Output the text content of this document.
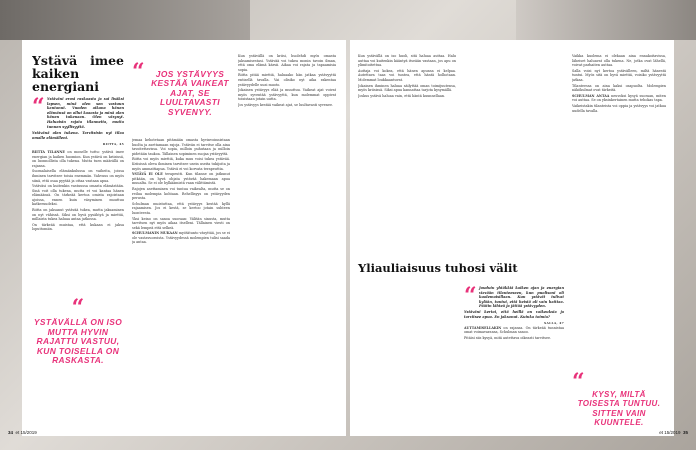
Ystävä imee kaiken energiani
“ Ystäväni erosi raskaasta ja sai lisäksi lapsen, minä olen sen vastuun kantanut. Vuoden aikana hänen elämänsä on ollut kaaosta ja minä olen hänen tukenaan. Olen väsynyt. Haluaisin rajata tilannetta, mutta tunnen syyllisyyttä.

Ystävänä olen tukena. Tarvitsisin nyt tilaa omalle elämälleni.

RIITTA, 45

RIITTA TILANNE on monelle tuttu: ystävä imee energian ja kaiken huomion. Kun ystävä on kriisissä, on luonnollista olla tukena. Mutta tuen määrällä on rajansa.

Suomalaisella elämänkulussa on vaiheita, joissa ihminen tarvitsee toisia enemmän. Vahvuus on myös siinä, että osaa pyytää ja ottaa vastaan apua.

Ystäväsi on kuitenkin vastuussa omasta elämästään. Sinä voit olla tukena, mutta et voi kantaa hänen elämäänsä. On tärkeää kertoa omista rajoistaan ajoissa, ennen kuin väsyminen muuttuu katkeruudeksi.

Riitta on jaksanut ystävää tukea, mutta jaksaminen on nyt vähissä. Siksi on hyvä pysähtyä ja miettiä, millaista tukea haluaa antaa jatkossa.

On tärkeää muistaa, että kukaan ei jaksa loputtomiin.

“
YSTÄVÄLLÄ ON ISO MUTTA HYVIN RAJATTU VASTUU, KUN TOISELLA ON RASKASTA.
“	JOS YSTÄVYYS KESTÄÄ VAIKEAT AJAT, SE LUULTAVASTI SYVENYY.

jemaa kehotetaan pitämään omasta hyvinvoinnistaan huolta ja asettamaan rajoja. Ystävän ei tarvitse olla aina tavoitettavissa. Voi sopia, milloin puhutaan ja milloin pidetään taukoa. Tällainen sopiminen suojaa ystävyyttä.

Riitta voi myös miettiä, kuka muu voisi tukea ystävää. Kriisissä oleva ihminen tarvitsee usein useita tukijoita ja myös ammattiapua. Ystävä ei voi korvata terapeuttia.

YSTÄVÄ EI OLE terapeutti. Kun tilanne on jatkunut pitkään, on hyvä ohjata ystävää hakemaan apua muualta. Se ei ole hylkäämistä vaan välittämistä.

Rajojen asettaminen voi tuntua vaikealta, mutta se on reilua molempia kohtaan. Rehellisyys on ystävyyden perusta.

Schulman muistuttaa, että ystävyys kestää kyllä rajaamisen. Jos ei kestä, se kertoo jotain suhteen luonteesta.

Yksi keino on sanoa suoraan: Välitän sinusta, mutta tarvitsen nyt myös aikaa itselleni. Tällainen viesti on sekä lempeä että selkeä.

SCHULMANIN MUKAAN myötätunto väsyttää, jos se ei ole vastavuoroista. Ystävyydessä molempien tulisi saada ja antaa.

Kun ystävällä on kriisi, huolehdi myös omasta jaksamisestasi. Ystävää voi tukea monin tavoin ilman, että oma elämä kärsii. Aikaa voi rajata ja tapaamisia sopia.

Riitta pitää miettiä, haluaako hän jatkaa ystävyyttä entisellä tavalla. Vai olisiko nyt aika rakentaa ystävyydelle uusi muoto.

Jokainen ystävyys elää ja muuttuu. Vaikeat ajat voivat myös syventää ystävyyttä, kun molemmat oppivat toisistaan jotain uutta.

Jos ystävyys kestää vaikeat ajat, se luultavasti syvenee.

34 et 15/2019

Kun ystävällä on iso huoli, sitä haluaa auttaa. Halu auttaa voi kuitenkin kääntyä itseään vastaan, jos apu on ylimitoitettua.

Auttaja voi kokea, että hänen apunsa ei kelpaa. Autettava taas voi tuntea, että häntä holhotaan. Molemmat loukkaantuvat.

Jokainen ihminen haluaa säilyttää oman toimijuutensa, myös kriisissä. Siksi apua kannattaa tarjota kysymällä.

Joskus ystävä haluaa vain, että häntä kuunnellaan.

Yliauliaisuus tuhosi välit
“ Jouduin yhtäkkiä kaiken ajan ja energian vievään tilanteeseen, kun puolisoni oli kuolemaisillaan. Kun ystävät tulivat kylään, tuntui, että heistä oli vain haittaa. Päätin lähteä ja jättää ystävyyden.

Ystäväni kertoi, että heillä on vaikeuksia ja tarvitsee apua. En jaksanut. Kuinka toimia?

SALLA, 47

AUTTAMISELLAKIN on rajansa. On tärkeää tunnistaa omat voimavaransa, Schulman sanoo.

Pitäisi siis kysyä, mitä autettava oikeasti tarvitsee.

Vaikka kuolema ei olekaan aina ennakoitavissa, läheiset haluavat olla tukena. Ne, jotka ovat lähellä, voivat parhaiten auttaa.

Salla voisi nyt kertoa ystävälleen, miltä hänestä tuntui. Myös sitä on hyvä miettiä, voisiko ystävyyttä jatkaa.

Tilanteessa on aina kaksi osapuolta. Molempien näkökulmat ovat tärkeitä.

SCHULMAN ANTAA neuvoksi kysyä suoraan, miten voi auttaa. Se on yksinkertainen mutta tehokas tapa.

Vaikeistakin tilanteista voi oppia ja ystävyys voi jatkua uudella tavalla.

“ KYSY, MILTÄ TOISESTA TUNTUU. SITTEN VAIN KUUNTELE.
et 15/2019 35
